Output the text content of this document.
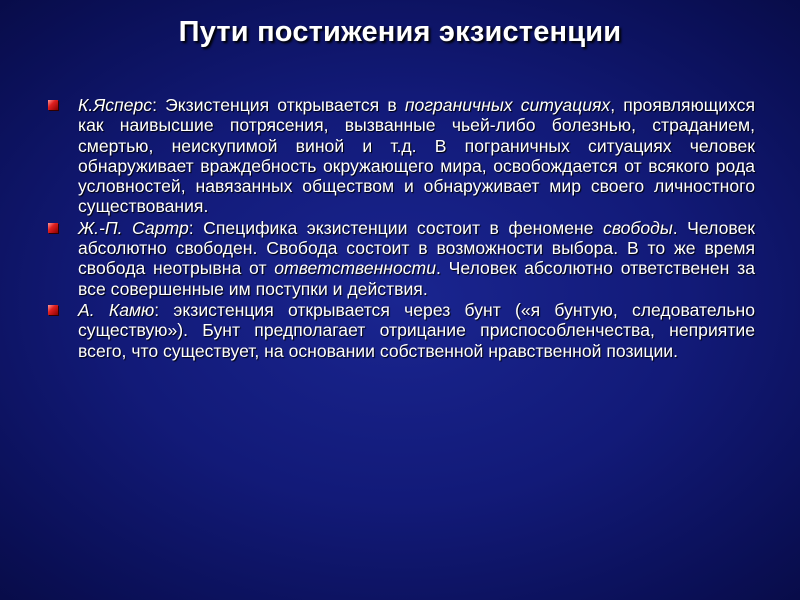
Пути постижения экзистенции
К.Ясперс: Экзистенция открывается в пограничных ситуациях, проявляющихся как наивысшие потрясения, вызванные чьей-либо болезнью, страданием, смертью, неискупимой виной и т.д. В пограничных ситуациях человек обнаруживает враждебность окружающего мира, освобождается от всякого рода условностей, навязанных обществом и обнаруживает мир своего личностного существования.
Ж.-П. Сартр: Специфика экзистенции состоит в феномене свободы. Человек абсолютно свободен. Свобода состоит в возможности выбора. В то же время свобода неотрывна от ответственности. Человек абсолютно ответственен за все совершенные им поступки и действия.
А. Камю: экзистенция открывается через бунт («я бунтую, следовательно существую»). Бунт предполагает отрицание приспособленчества, неприятие всего, что существует, на основании собственной нравственной позиции.
